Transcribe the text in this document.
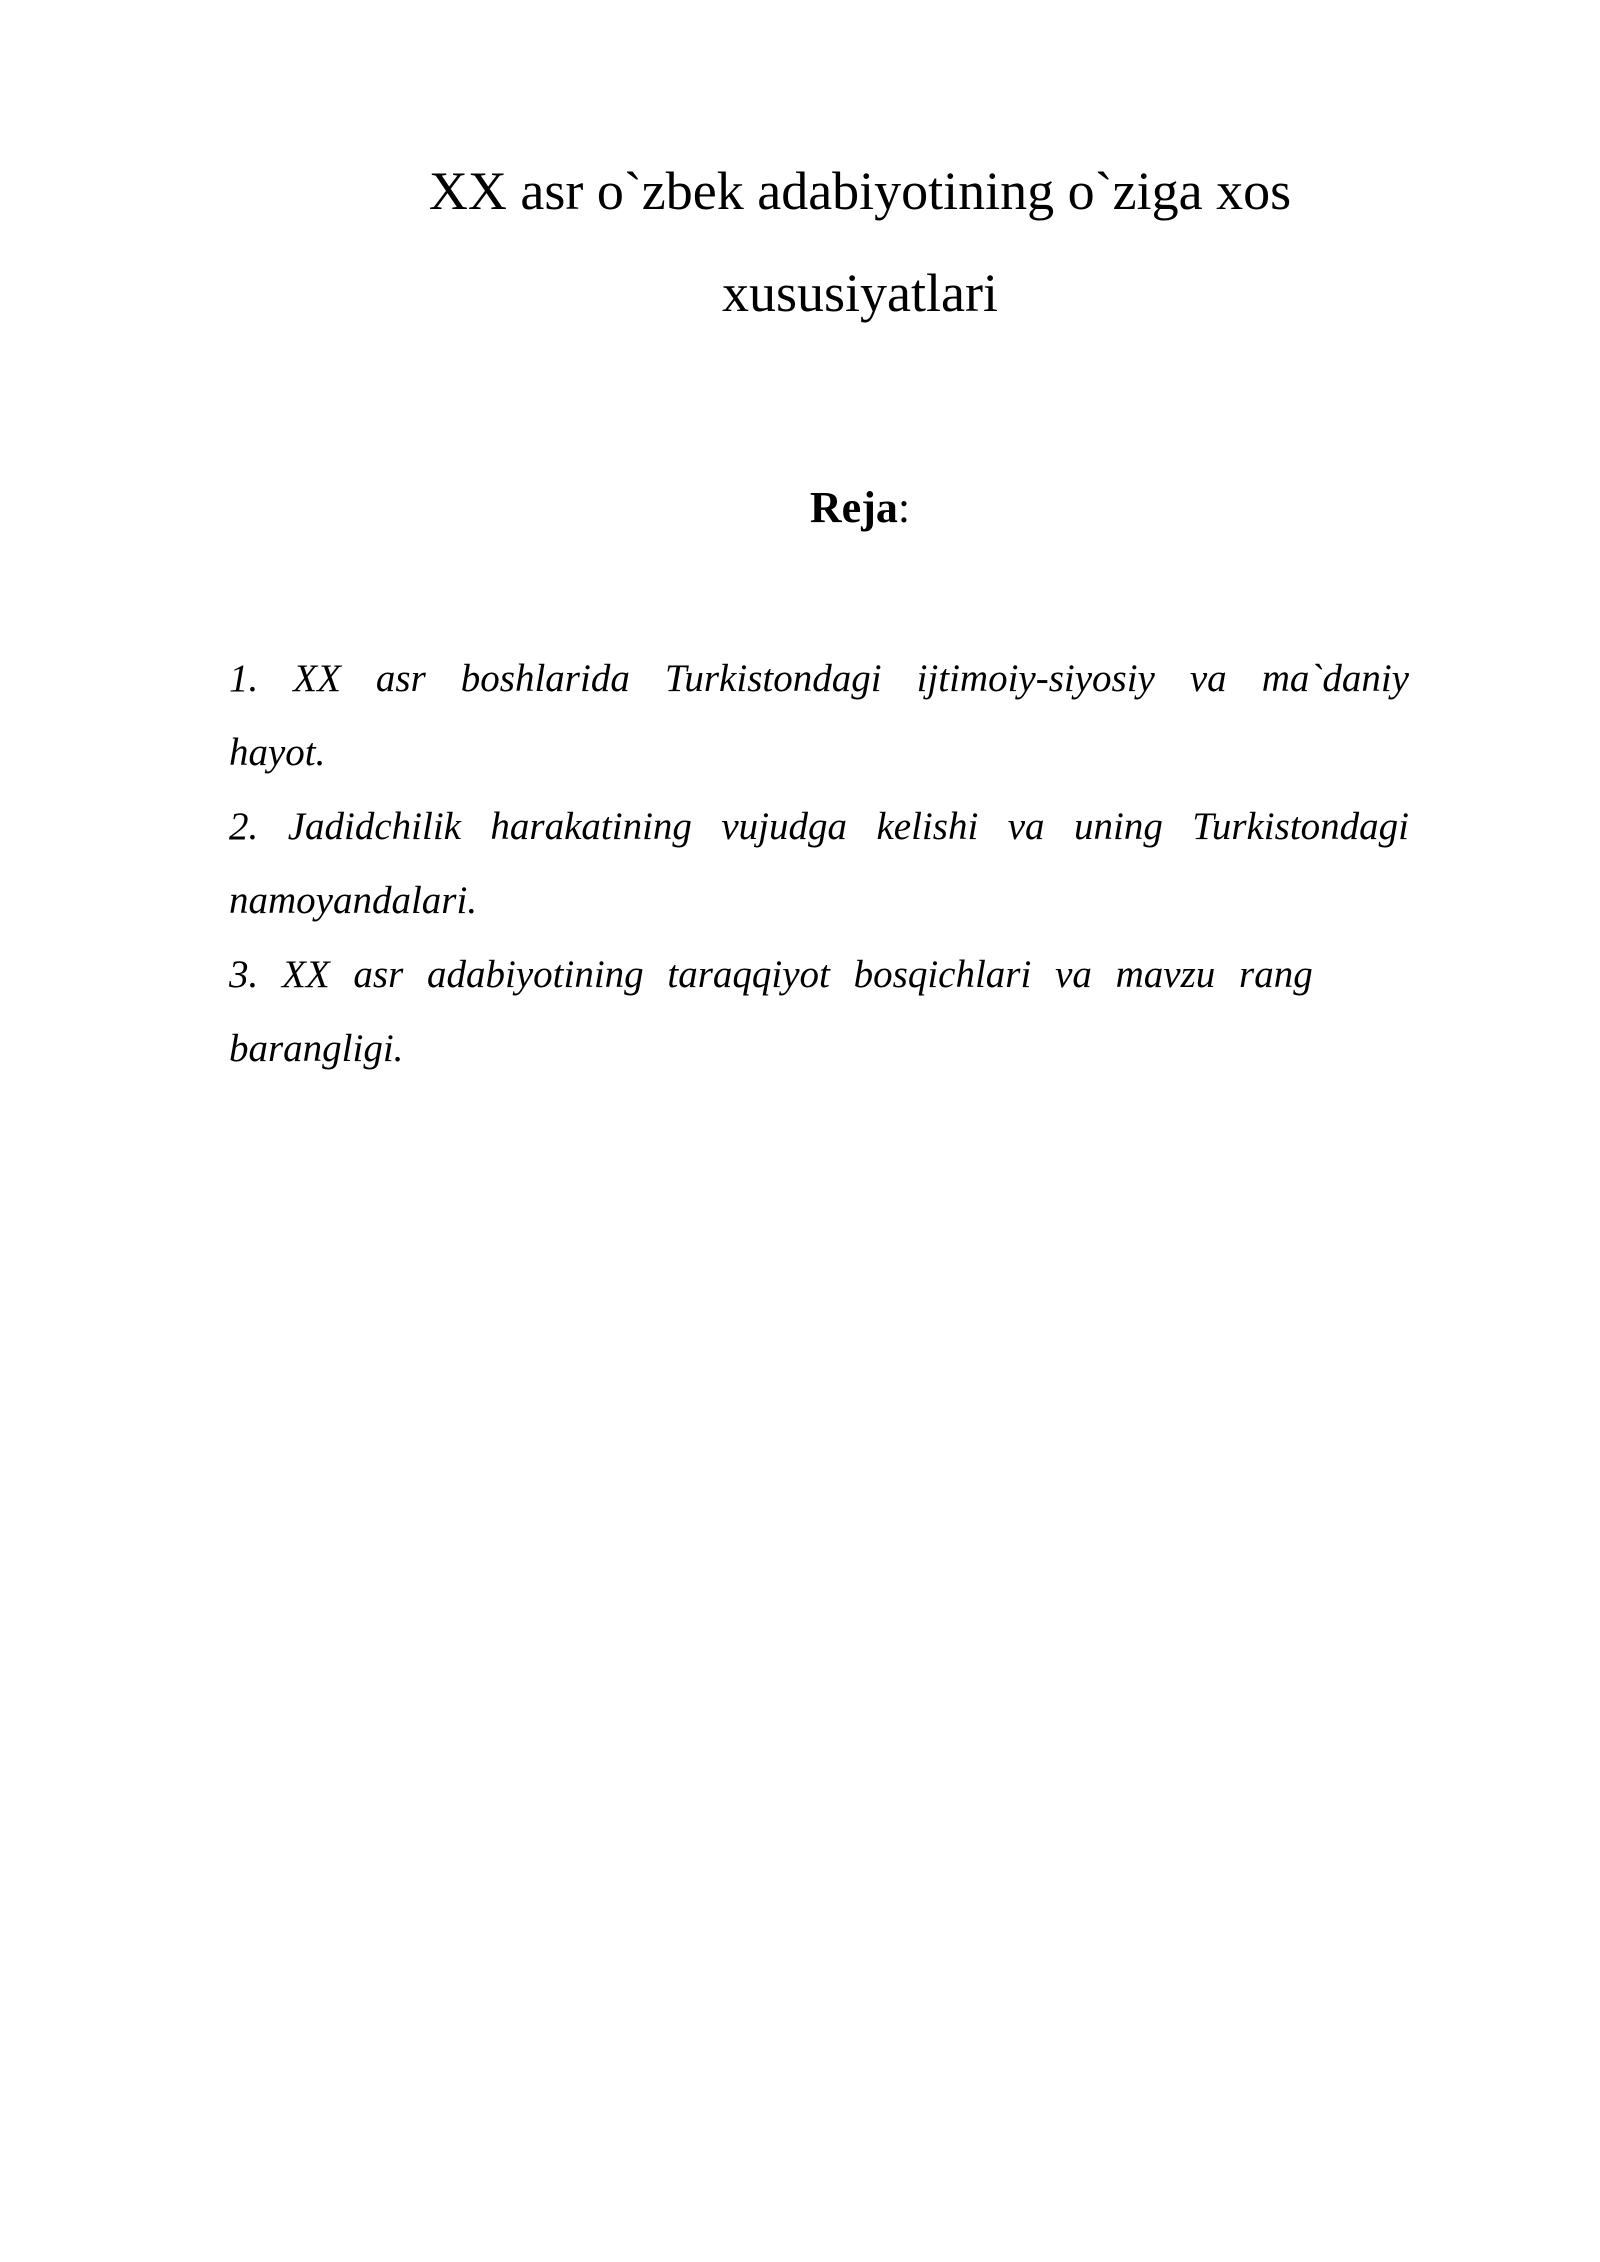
XX asr o`zbek adabiyotining o`ziga xos
xususiyatlari
Reja:
1. XX asr boshlarida Turkistondagi ijtimoiy-siyosiy va ma`daniy hayot.
2. Jadidchilik harakatining vujudga kelishi va uning Turkistondagi namoyandalari.
3. XX asr adabiyotining taraqqiyot bosqichlari va mavzu rang barangligi.
